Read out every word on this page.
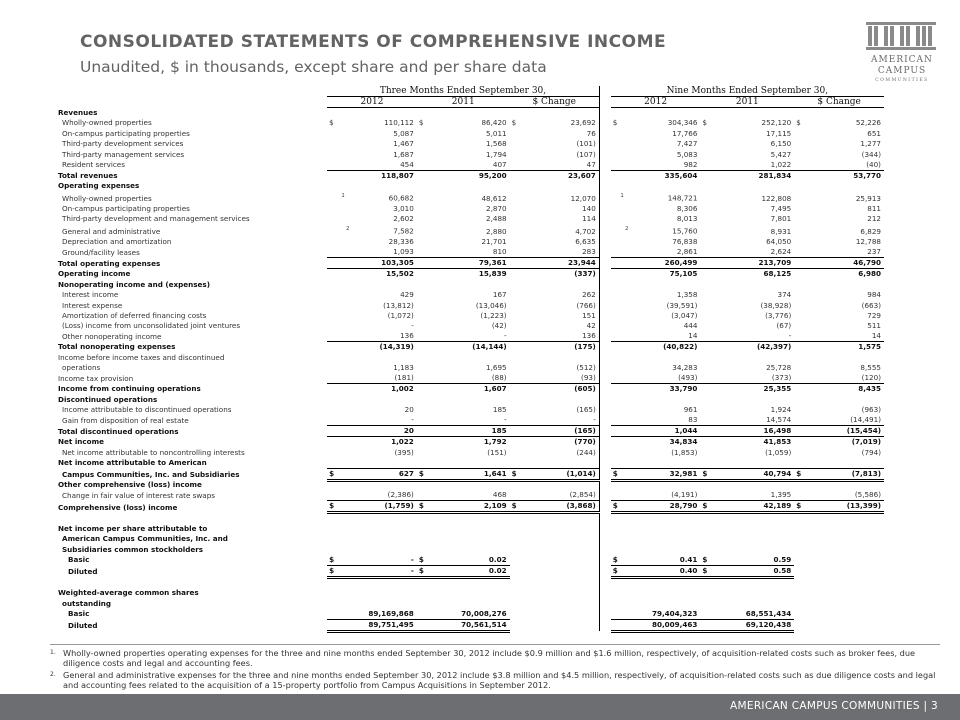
CONSOLIDATED STATEMENTS OF COMPREHENSIVE INCOME
Unaudited, $ in thousands, except share and per share data	AMERICAN
CAMPUS
COMMUNITIES
	Three Months Ended September 30,							Nine Months Ended September 30,					
	2012		2011		$ Change			2012		2011		$ Change	
Revenues													
Wholly-owned properties	$	110,112	$	86,420	$	23,692		$	304,346	$	252,120	$	52,226
On-campus participating properties		5,087		5,011		76			17,766		17,115		651
Third-party development services		1,467		1,568		(101)			7,427		6,150		1,277
Third-party management services		1,687		1,794		(107)			5,083		5,427		(344)
Resident services		454		407		47			982		1,022		(40)
Total revenues		118,807		95,200		23,607			335,604		281,834		53,770
Operating expenses													
Wholly-owned properties		$^1$ 60,682		48,612		12,070			$^1$ 148,721		122,808		25,913
On-campus participating properties		3,010		2,870		140			8,306		7,495		811
Third-party development and management services		2,602		2,488		114			8,013		7,801		212
General and administrative		$^2$ 7,582		2,880		4,702			$^2$ 15,760		8,931		6,829
Depreciation and amortization		28,336		21,701		6,635			76,838		64,050		12,788
Ground/facility leases		1,093		810		283			2,861		2,624		237
Total operating expenses		103,305		79,361		23,944			260,499		213,709		46,790
Operating income		15,502		15,839		(337)			75,105		68,125		6,980
Nonoperating income and (expenses)													
Interest income		429		167		262			1,358		374		984
Interest expense		(13,812)		(13,046)		(766)			(39,591)		(38,928)		(663)
Amortization of deferred financing costs		(1,072)		(1,223)		151			(3,047)		(3,776)		729
(Loss) income from unconsolidated joint ventures		-		(42)		42			444		(67)		511
Other nonoperating income		136		-		136			14		-		14
Total nonoperating expenses		(14,319)		(14,144)		(175)			(40,822)		(42,397)		1,575
Income before income taxes and discontinued													
operations		1,183		1,695		(512)			34,283		25,728		8,555
Income tax provision		(181)		(88)		(93)			(493)		(373)		(120)
Income from continuing operations		1,002		1,607		(605)			33,790		25,355		8,435
Discontinued operations													
Income attributable to discontinued operations		20		185		(165)			961		1,924		(963)
Gain from disposition of real estate		-		-		-			83		14,574		(14,491)
Total discontinued operations		20		185		(165)			1,044		16,498		(15,454)
Net income		1,022		1,792		(770)			34,834		41,853		(7,019)
Net income attributable to noncontrolling interests		(395)		(151)		(244)			(1,853)		(1,059)		(794)
Net income attributable to American													
Campus Communities, Inc. and Subsidiaries	$	627	$	1,641	$	(1,014)		$	32,981	$	40,794	$	(7,813)
Other comprehensive (loss) income													
Change in fair value of interest rate swaps		(2,386)		468		(2,854)			(4,191)		1,395		(5,586)
Comprehensive (loss) income	$	(1,759)	$	2,109	$	(3,868)		$	28,790	$	42,189	$	(13,399)

Net income per share attributable to													
American Campus Communities, Inc. and													
Subsidiaries common stockholders													
Basic	$	-	$	0.02				$	0.41	$	0.59		
Diluted	$	-	$	0.02				$	0.40	$	0.58		

Weighted-average common shares													
outstanding													
Basic		89,169,868		70,008,276					79,404,323		68,551,434		
Diluted		89,751,495		70,561,514					80,009,463		69,120,438		
1. Wholly-owned properties operating expenses for the three and nine months ended September 30, 2012 include $0.9 million and $1.6 million, respectively, of acquisition-related costs such as broker fees, due diligence costs and legal and accounting fees.
2. General and administrative expenses for the three and nine months ended September 30, 2012 include $3.8 million and $4.5 million, respectively, of acquisition-related costs such as due diligence costs and legal and accounting fees related to the acquisition of a 15-property portfolio from Campus Acquisitions in September 2012.
AMERICAN CAMPUS COMMUNITIES | 3
